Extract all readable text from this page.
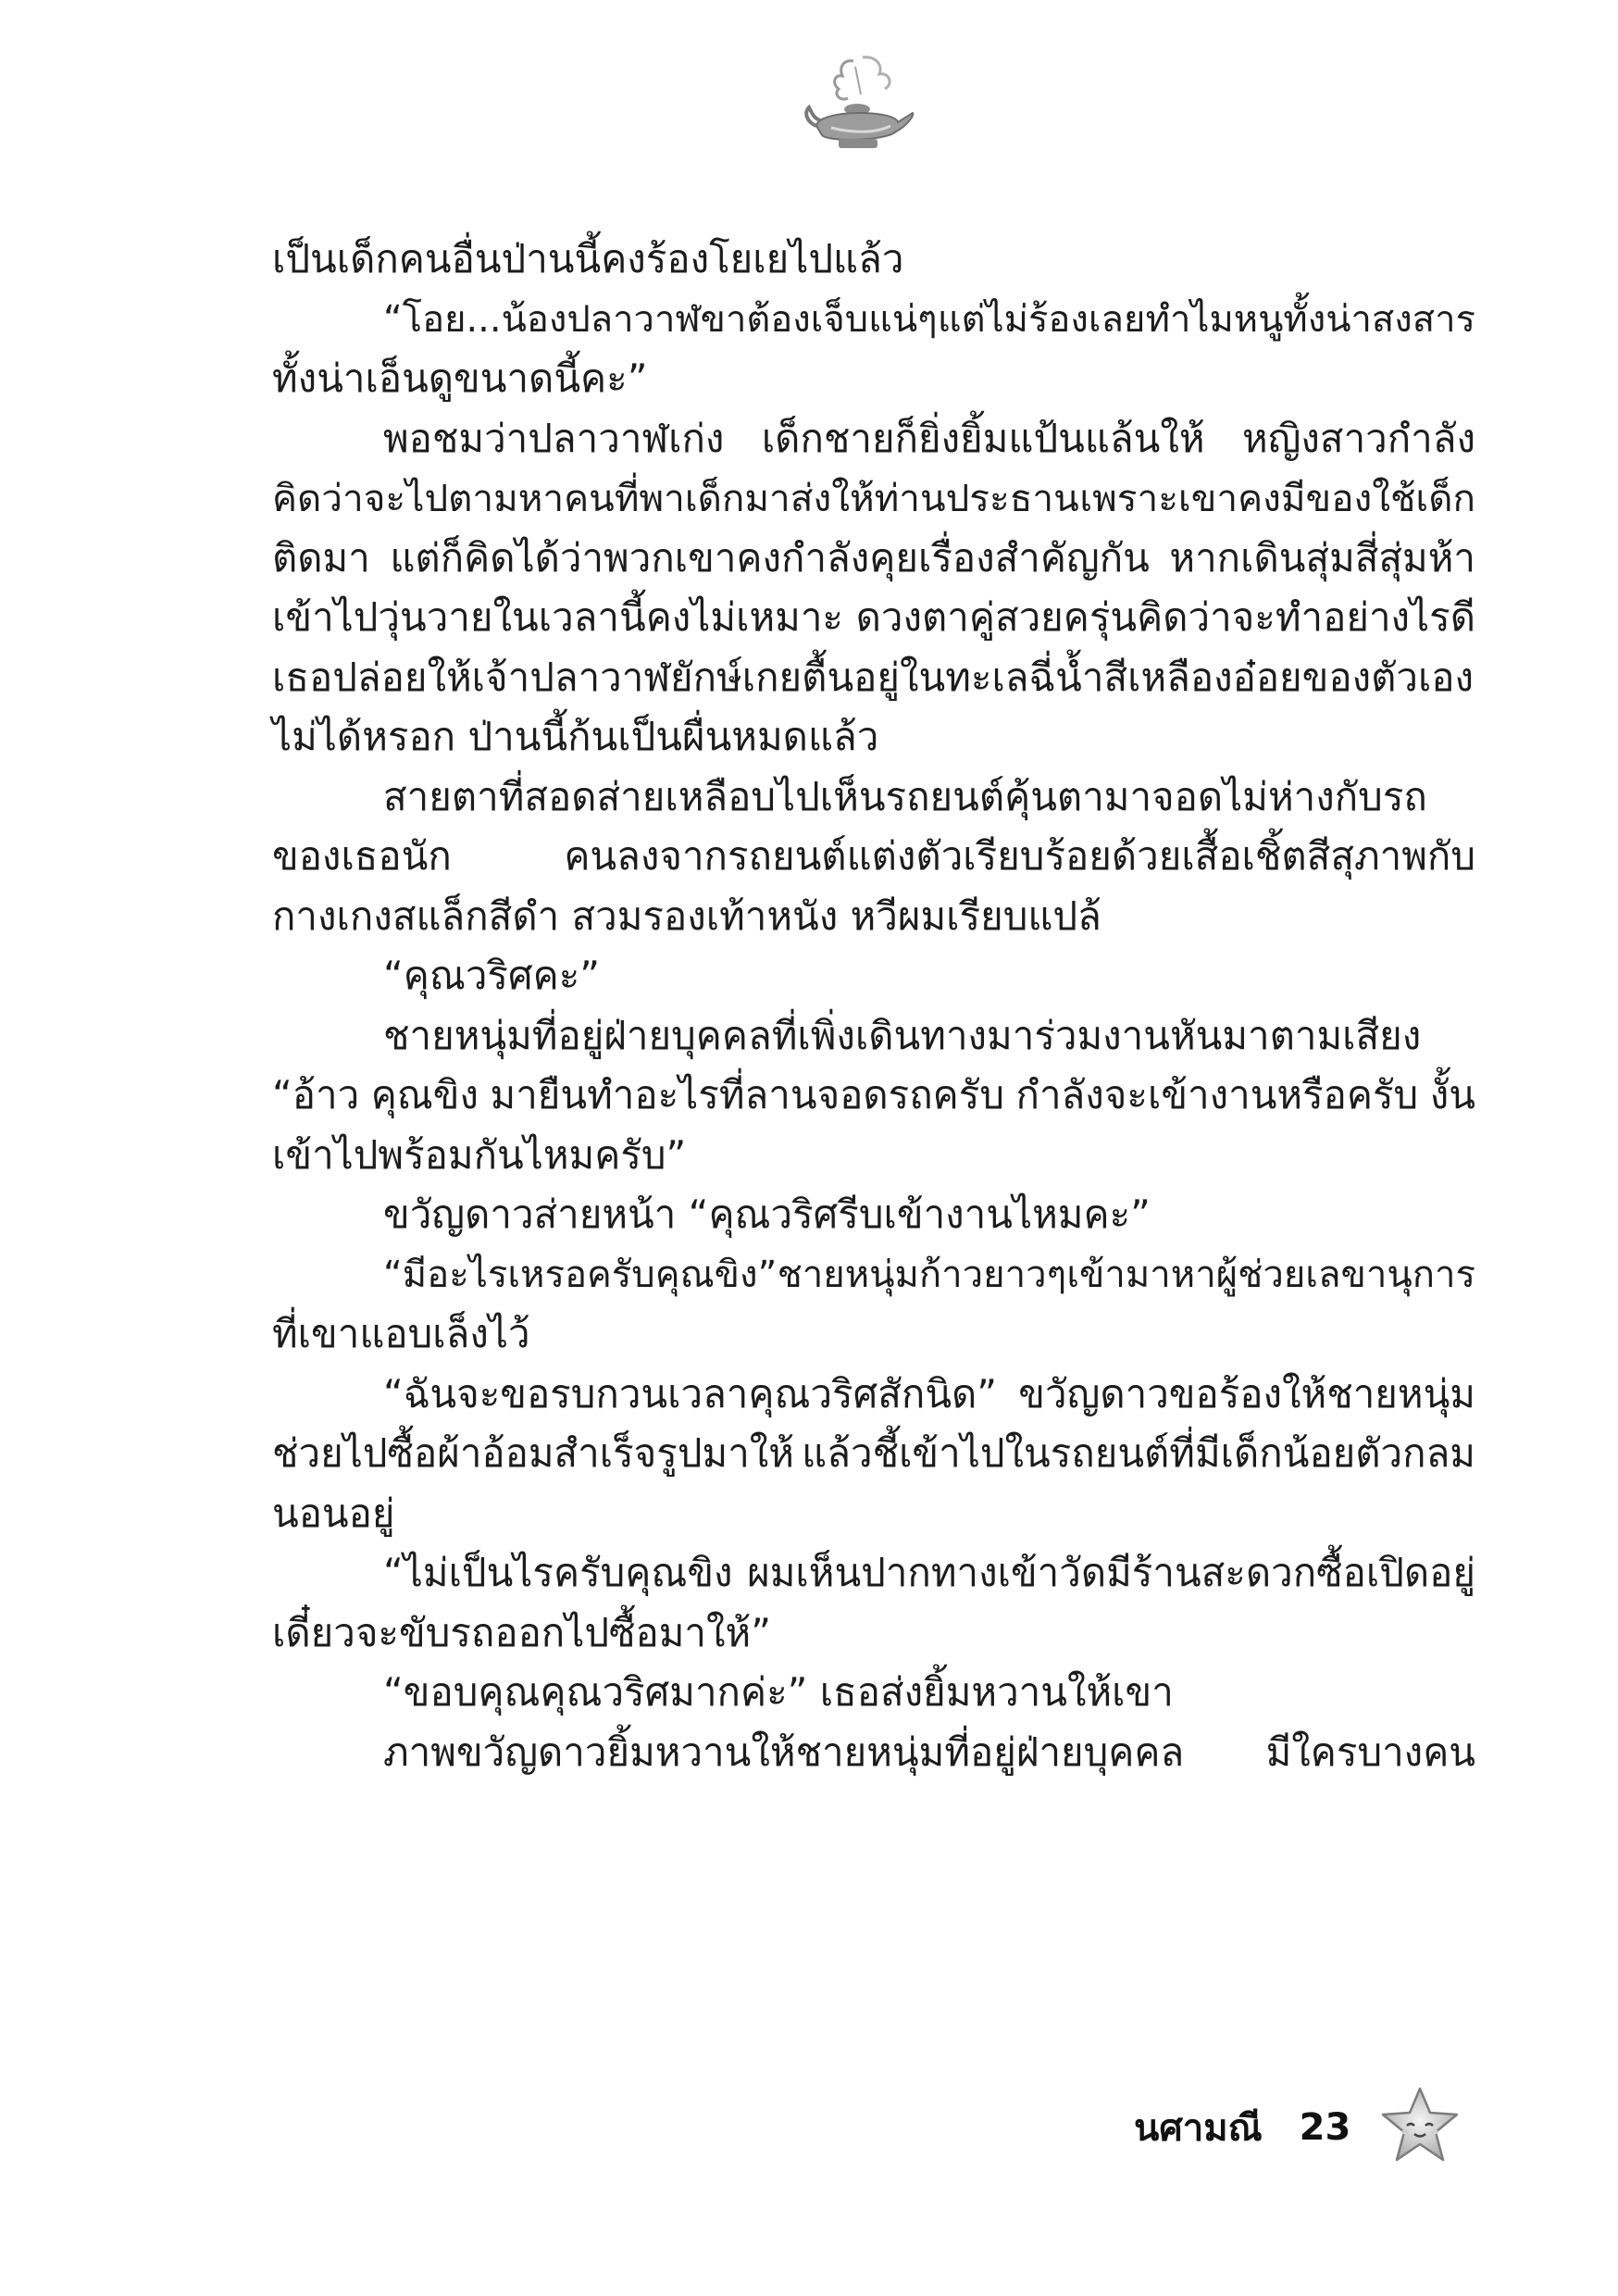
เป็นเด็กคนอื่นป่านนี้คงร้องโยเยไปแล้ว
“โอย...น้องปลาวาฬขาต้องเจ็บแน่ๆ แต่ไม่ร้องเลย ทำไมหนูทั้งน่าสงสาร
ทั้งน่าเอ็นดูขนาดนี้คะ”
พอชมว่าปลาวาฬเก่ง เด็กชายก็ยิ่งยิ้มแป้นแล้นให้ หญิงสาวกำลัง
คิดว่าจะไปตามหาคนที่พาเด็กมาส่งให้ท่านประธาน เพราะเขาคงมีของใช้เด็ก
ติดมา แต่ก็คิดได้ว่าพวกเขาคงกำลังคุยเรื่องสำคัญกัน หากเดินสุ่มสี่สุ่มห้า
เข้าไปวุ่นวายในเวลานี้คงไม่เหมาะ ดวงตาคู่สวยครุ่นคิดว่าจะทำอย่างไรดี
เธอปล่อยให้เจ้าปลาวาฬยักษ์เกยตื้นอยู่ในทะเลฉี่น้ำสีเหลืองอ๋อยของตัวเอง
ไม่ได้หรอก ป่านนี้ก้นเป็นผื่นหมดแล้ว
สายตาที่สอดส่ายเหลือบไปเห็นรถยนต์คุ้นตามาจอดไม่ห่างกับรถ
ของเธอนัก	คนลงจากรถยนต์แต่งตัวเรียบร้อยด้วยเสื้อเชิ้ตสีสุภาพกับ
กางเกงสแล็กสีดำ สวมรองเท้าหนัง หวีผมเรียบแปล้
“คุณวริศคะ”
ชายหนุ่มที่อยู่ฝ่ายบุคคลที่เพิ่งเดินทางมาร่วมงานหันมาตามเสียง
“อ้าว คุณขิง มายืนทำอะไรที่ลานจอดรถครับ กำลังจะเข้างานหรือครับ งั้น
เข้าไปพร้อมกันไหมครับ”
ขวัญดาวส่ายหน้า “คุณวริศรีบเข้างานไหมคะ”
“มีอะไรเหรอครับคุณขิง” ชายหนุ่มก้าวยาวๆ เข้ามาหาผู้ช่วยเลขานุการ
ที่เขาแอบเล็งไว้
“ฉันจะขอรบกวนเวลาคุณวริศสักนิด” ขวัญดาวขอร้องให้ชายหนุ่ม
ช่วยไปซื้อผ้าอ้อมสำเร็จรูปมาให้ แล้วชี้เข้าไปในรถยนต์ที่มีเด็กน้อยตัวกลม
นอนอยู่
“ไม่เป็นไรครับคุณขิง ผมเห็นปากทางเข้าวัดมีร้านสะดวกซื้อเปิดอยู่
เดี๋ยวจะขับรถออกไปซื้อมาให้”
“ขอบคุณคุณวริศมากค่ะ” เธอส่งยิ้มหวานให้เขา
ภาพขวัญดาวยิ้มหวานให้ชายหนุ่มที่อยู่ฝ่ายบุคคล มีใครบางคน
นศามณี 23
